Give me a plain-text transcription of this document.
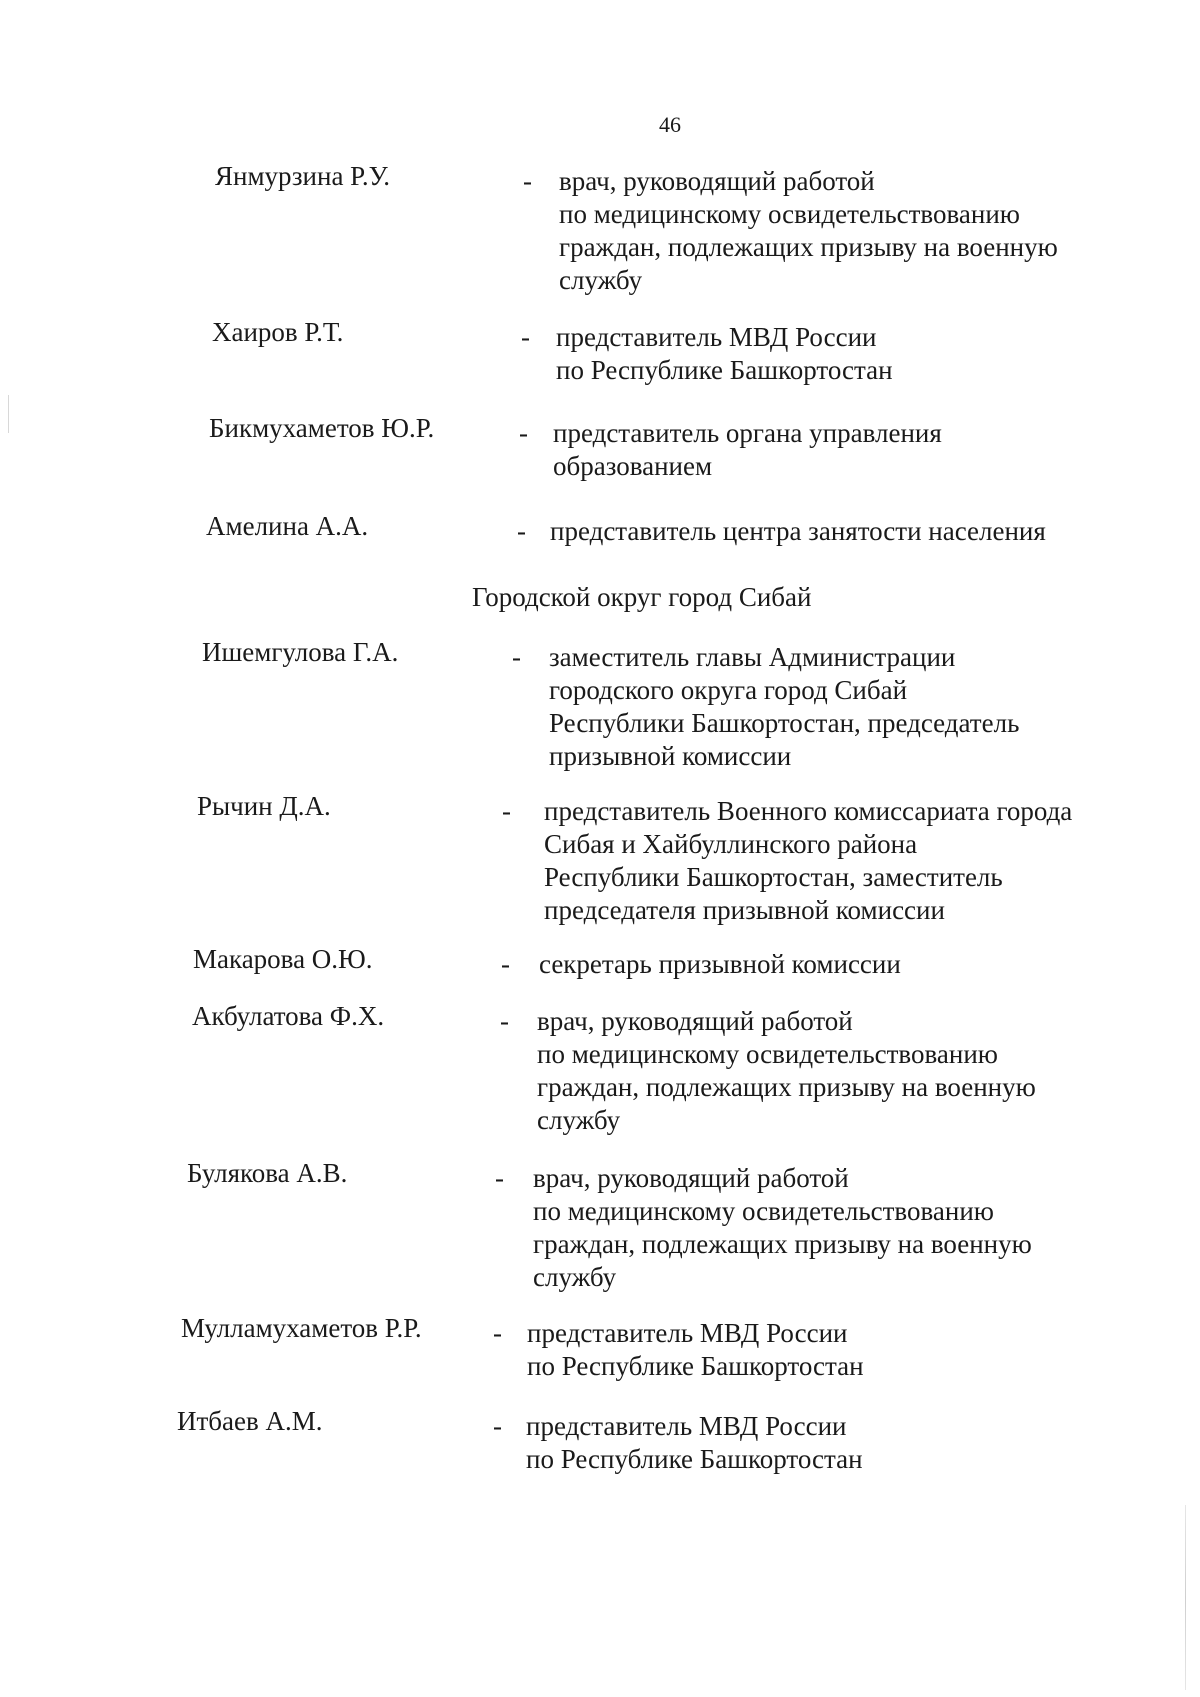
46
Янмурзина Р.У.	- врач, руководящий работой
по медицинскому освидетельствованию
граждан, подлежащих призыву на военную
службу
Хаиров Р.Т.	- представитель МВД России
по Республике Башкортостан
Бикмухаметов Ю.Р.	- представитель органа управления
образованием
Амелина А.А.	- представитель центра занятости населения
Городской округ город Сибай
Ишемгулова Г.А.	- заместитель главы Администрации
городского округа город Сибай
Республики Башкортостан, председатель
призывной комиссии
Рычин Д.А.	- представитель Военного комиссариата города
Сибая и Хайбуллинского района
Республики Башкортостан, заместитель
председателя призывной комиссии
Макарова О.Ю.	- секретарь призывной комиссии
Акбулатова Ф.Х.	- врач, руководящий работой
по медицинскому освидетельствованию
граждан, подлежащих призыву на военную
службу
Булякова А.В.	- врач, руководящий работой
по медицинскому освидетельствованию
граждан, подлежащих призыву на военную
службу
Мулламухаметов Р.Р.	- представитель МВД России
по Республике Башкортостан
Итбаев А.М.	- представитель МВД России
по Республике Башкортостан
